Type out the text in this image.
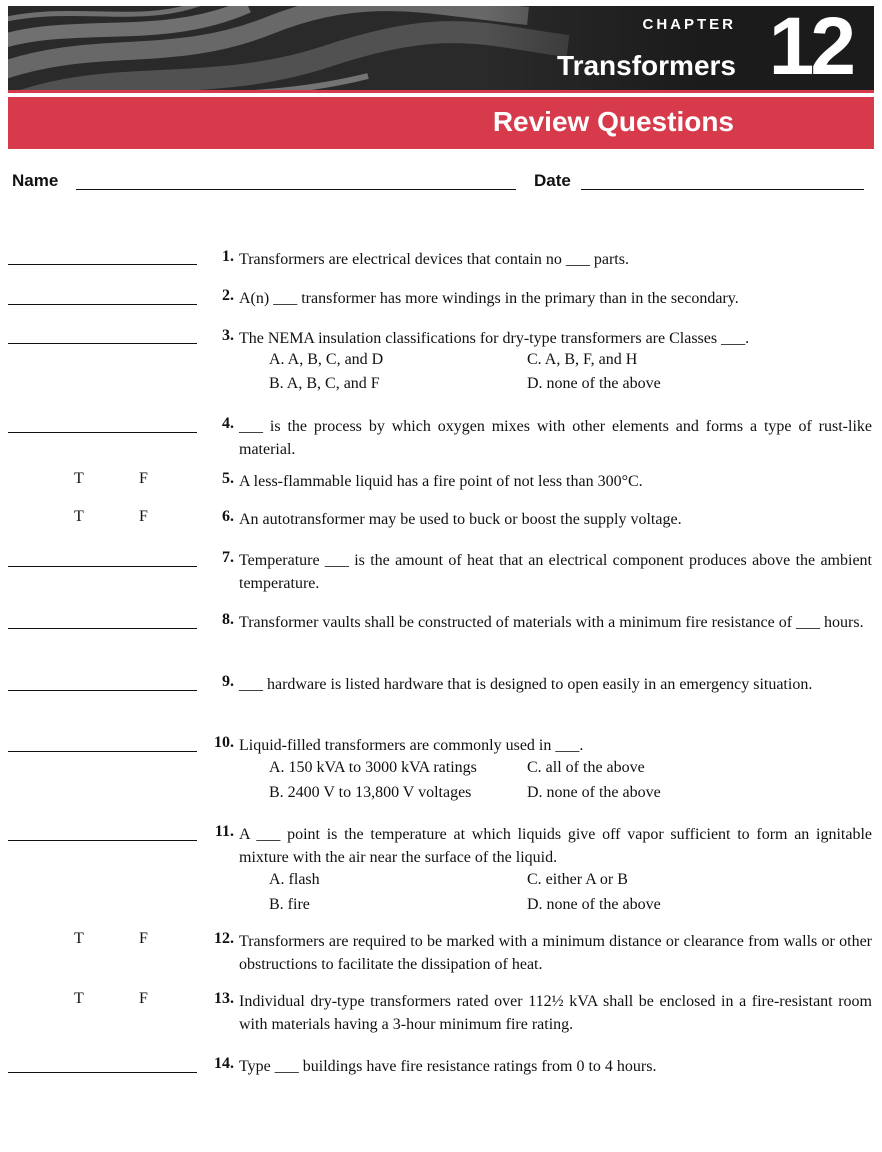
CHAPTER
Transformers 12
Review Questions
Name	Date
1. Transformers are electrical devices that contain no ___ parts.
2. A(n) ___ transformer has more windings in the primary than in the secondary.
3. The NEMA insulation classifications for dry-type transformers are Classes ___.
A. A, B, C, and D
B. A, B, C, and F
C. A, B, F, and H
D. none of the above
4. ___ is the process by which oxygen mixes with other elements and forms a type of rust-like material.
T	F	5. A less-flammable liquid has a fire point of not less than 300°C.
T	F	6. An autotransformer may be used to buck or boost the supply voltage.
7. Temperature ___ is the amount of heat that an electrical component produces above the ambient temperature.
8. Transformer vaults shall be constructed of materials with a minimum fire resistance of ___ hours.
9. ___ hardware is listed hardware that is designed to open easily in an emergency situation.
10. Liquid-filled transformers are commonly used in ___.
A. 150 kVA to 3000 kVA ratings
B. 2400 V to 13,800 V voltages
C. all of the above
D. none of the above
11. A ___ point is the temperature at which liquids give off vapor sufficient to form an ignitable mixture with the air near the surface of the liquid.
A. flash
B. fire
C. either A or B
D. none of the above
T	F	12. Transformers are required to be marked with a minimum distance or clearance from walls or other obstructions to facilitate the dissipation of heat.
T	F	13. Individual dry-type transformers rated over 112½ kVA shall be enclosed in a fire-resistant room with materials having a 3-hour minimum fire rating.
14. Type ___ buildings have fire resistance ratings from 0 to 4 hours.
